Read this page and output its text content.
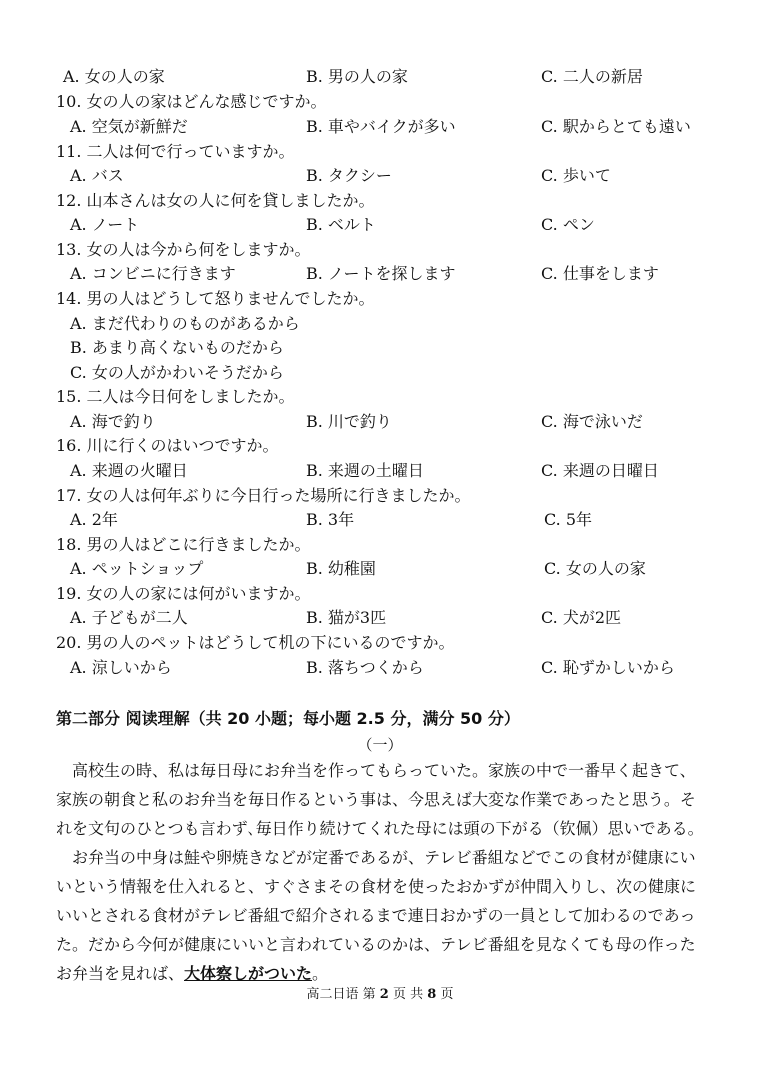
A. 女の人の家	B. 男の人の家	C. 二人の新居
10. 女の人の家はどんな感じですか。
A. 空気が新鮮だ	B. 車やバイクが多い	C. 駅からとても遠い
11. 二人は何で行っていますか。
A. バス	B. タクシー	C. 歩いて
12. 山本さんは女の人に何を貸しましたか。
A. ノート	B. ベルト	C. ペン
13. 女の人は今から何をしますか。
A. コンビニに行きます	B. ノートを探します	C. 仕事をします
14. 男の人はどうして怒りませんでしたか。
A. まだ代わりのものがあるから
B. あまり高くないものだから
C. 女の人がかわいそうだから
15. 二人は今日何をしましたか。
A. 海で釣り	B. 川で釣り	C. 海で泳いだ
16. 川に行くのはいつですか。
A. 来週の火曜日	B. 来週の土曜日	C. 来週の日曜日
17. 女の人は何年ぶりに今日行った場所に行きましたか。
A. 2年	B. 3年	C. 5年
18. 男の人はどこに行きましたか。
A. ペットショップ	B. 幼稚園	C. 女の人の家
19. 女の人の家には何がいますか。
A. 子どもが二人	B. 猫が3匹	C. 犬が2匹
20. 男の人のペットはどうして机の下にいるのですか。
A. 涼しいから	B. 落ちつくから	C. 恥ずかしいから
第二部分 阅读理解（共 20 小题；每小题 2.5 分，满分 50 分）
（一）

高校生の時、私は毎日母にお弁当を作ってもらっていた。家族の中で一番早く起きて、家族の朝食と私のお弁当を毎日作るという事は、今思えば大変な作業であったと思う。それを文句のひとつも言わず､毎日作り続けてくれた母には頭の下がる（钦佩）思いである。

お弁当の中身は鮭や卵焼きなどが定番であるが、テレビ番組などでこの食材が健康にいいという情報を仕入れると、すぐさまその食材を使ったおかずが仲間入りし、次の健康にいいとされる食材がテレビ番組で紹介されるまで連日おかずの一員として加わるのであった。だから今何が健康にいいと言われているのかは、テレビ番組を見なくても母の作ったお弁当を見れば、大体察しがついた。

高二日语 第 2 页 共 8 页
